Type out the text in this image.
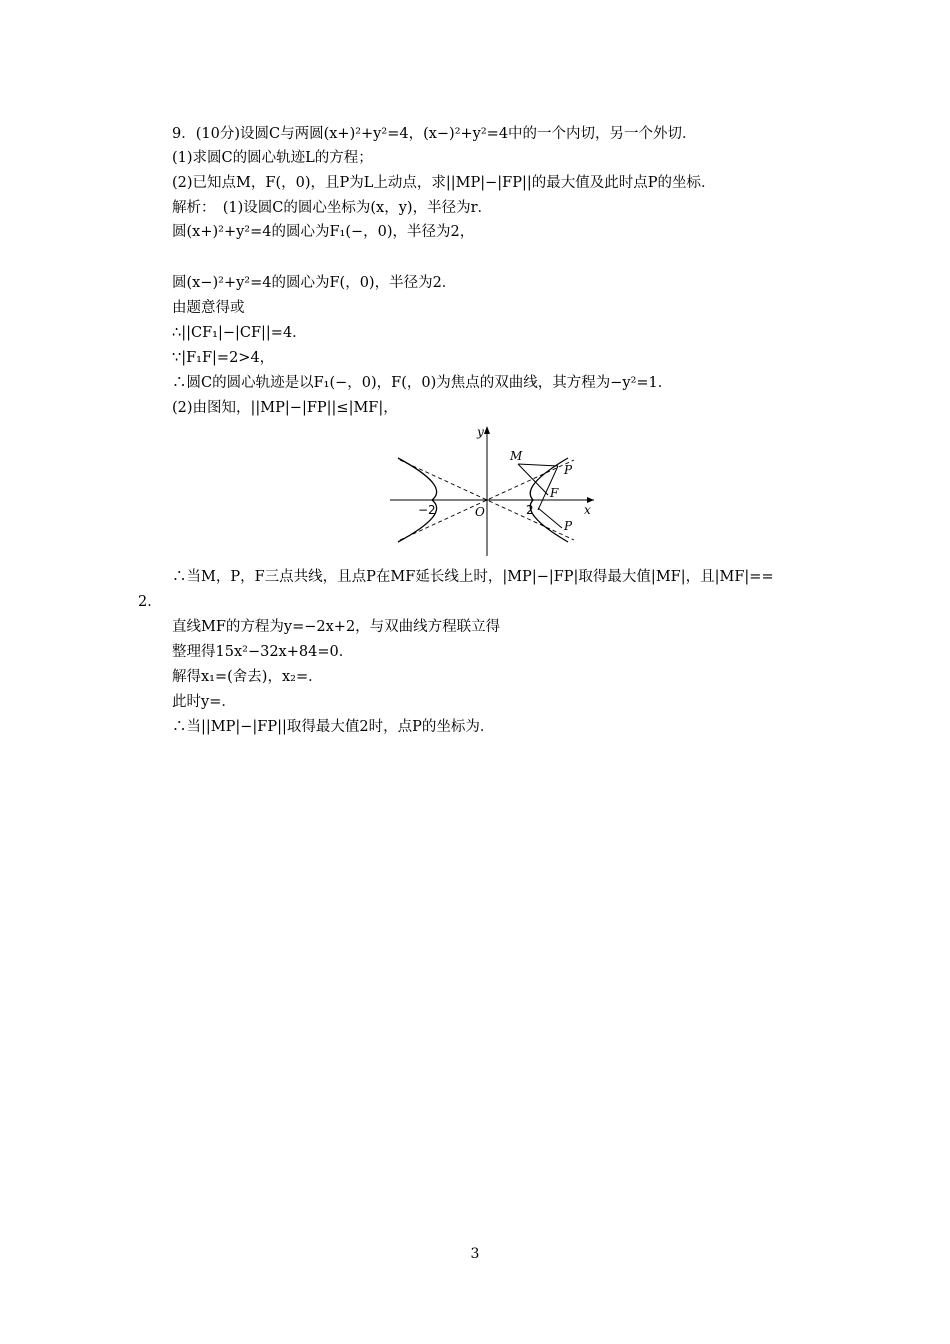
9．(10分)设圆C与两圆(x+)²+y²=4，(x−)²+y²=4中的一个内切，另一个外切．
(1)求圆C的圆心轨迹L的方程；
(2)已知点M，F(，0)，且P为L上动点，求||MP|−|FP||的最大值及此时点P的坐标．
解析：　(1)设圆C的圆心坐标为(x，y)，半径为r．
圆(x+)²+y²=4的圆心为F₁(−，0)，半径为2，
圆(x−)²+y²=4的圆心为F(，0)，半径为2．
由题意得或
∴||CF₁|−|CF||=4．
∵|F₁F|=2>4，
∴圆C的圆心轨迹是以F₁(−，0)，F(，0)为焦点的双曲线，其方程为−y²=1．
(2)由图知，||MP|−|FP||≤|MF|，
y
x
O
−2	2
M
P
F
P
∴当M，P，F三点共线，且点P在MF延长线上时，|MP|−|FP|取得最大值|MF|，且|MF|==
2．
直线MF的方程为y=−2x+2，与双曲线方程联立得
整理得15x²−32x+84=0．
解得x₁=(舍去)，x₂=．
此时y=．
∴当||MP|−|FP||取得最大值2时，点P的坐标为．
3
